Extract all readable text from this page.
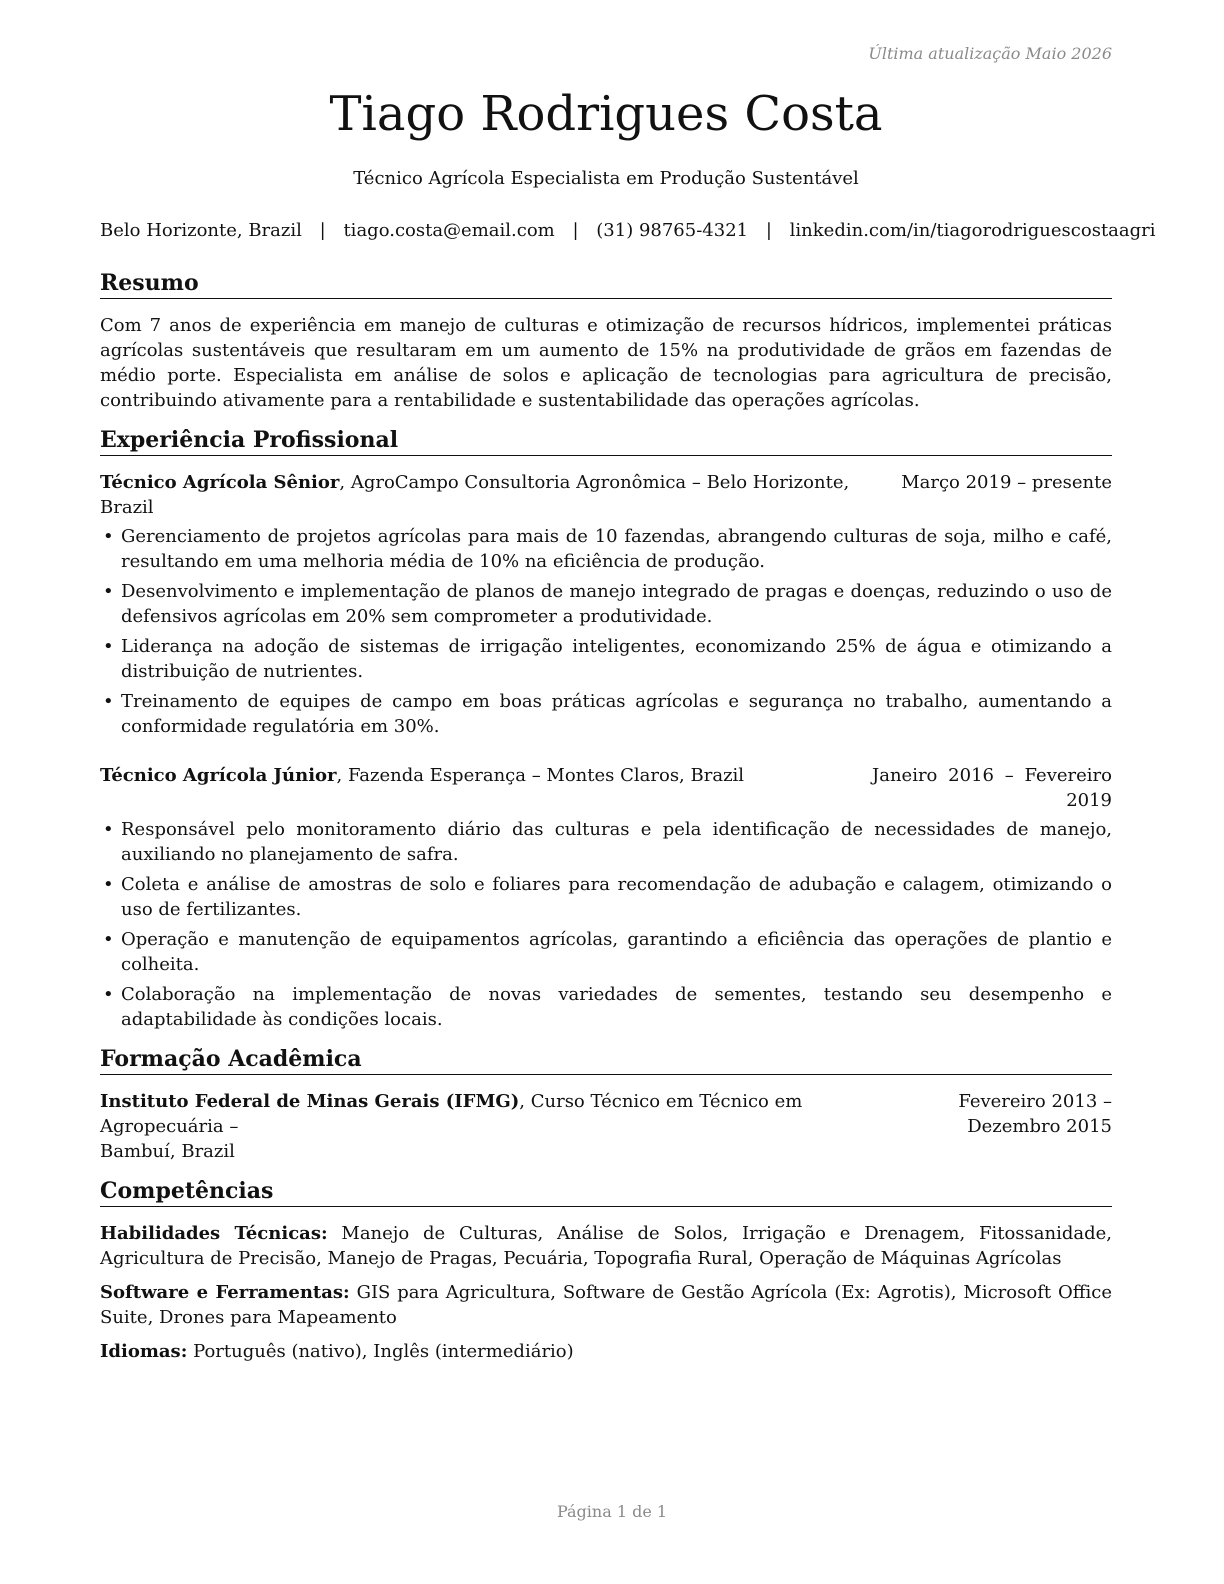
Última atualização Maio 2026
Tiago Rodrigues Costa
Técnico Agrícola Especialista em Produção Sustentável
Belo Horizonte, Brazil | tiago.costa@email.com | (31) 98765-4321 | linkedin.com/in/tiagorodriguescostaagri
Resumo

Com 7 anos de experiência em manejo de culturas e otimização de recursos hídricos, implementei práticas agrícolas sustentáveis que resultaram em um aumento de 15% na produtividade de grãos em fazendas de médio porte. Especialista em análise de solos e aplicação de tecnologias para agricultura de precisão, contribuindo ativamente para a rentabilidade e sustentabilidade das operações agrícolas.

Experiência Profissional
Técnico Agrícola Sênior, AgroCampo Consultoria Agronômica – Belo Horizonte, Brazil
Março 2019 – presente
• Gerenciamento de projetos agrícolas para mais de 10 fazendas, abrangendo culturas de soja, milho e café, resultando em uma melhoria média de 10% na eficiência de produção.
• Desenvolvimento e implementação de planos de manejo integrado de pragas e doenças, reduzindo o uso de defensivos agrícolas em 20% sem comprometer a produtividade.
• Liderança na adoção de sistemas de irrigação inteligentes, economizando 25% de água e otimizando a distribuição de nutrientes.
• Treinamento de equipes de campo em boas práticas agrícolas e segurança no trabalho, aumentando a conformidade regulatória em 30%.
Técnico Agrícola Júnior, Fazenda Esperança – Montes Claros, Brazil	Janeiro 2016 – Fevereiro 2019
• Responsável pelo monitoramento diário das culturas e pela identificação de necessidades de manejo, auxiliando no planejamento de safra.
• Coleta e análise de amostras de solo e foliares para recomendação de adubação e calagem, otimizando o uso de fertilizantes.
• Operação e manutenção de equipamentos agrícolas, garantindo a eficiência das operações de plantio e colheita.
• Colaboração na implementação de novas variedades de sementes, testando seu desempenho e adaptabilidade às condições locais.
Formação Acadêmica
Instituto Federal de Minas Gerais (IFMG), Curso Técnico em Técnico em Agropecuária –
Bambuí, Brazil
Fevereiro 2013 – Dezembro 2015
Competências
Habilidades Técnicas: Manejo de Culturas, Análise de Solos, Irrigação e Drenagem, Fitossanidade, Agricultura de Precisão, Manejo de Pragas, Pecuária, Topografia Rural, Operação de Máquinas Agrícolas
Software e Ferramentas: GIS para Agricultura, Software de Gestão Agrícola (Ex: Agrotis), Microsoft Office Suite, Drones para Mapeamento
Idiomas: Português (nativo), Inglês (intermediário)
Página 1 de 1
